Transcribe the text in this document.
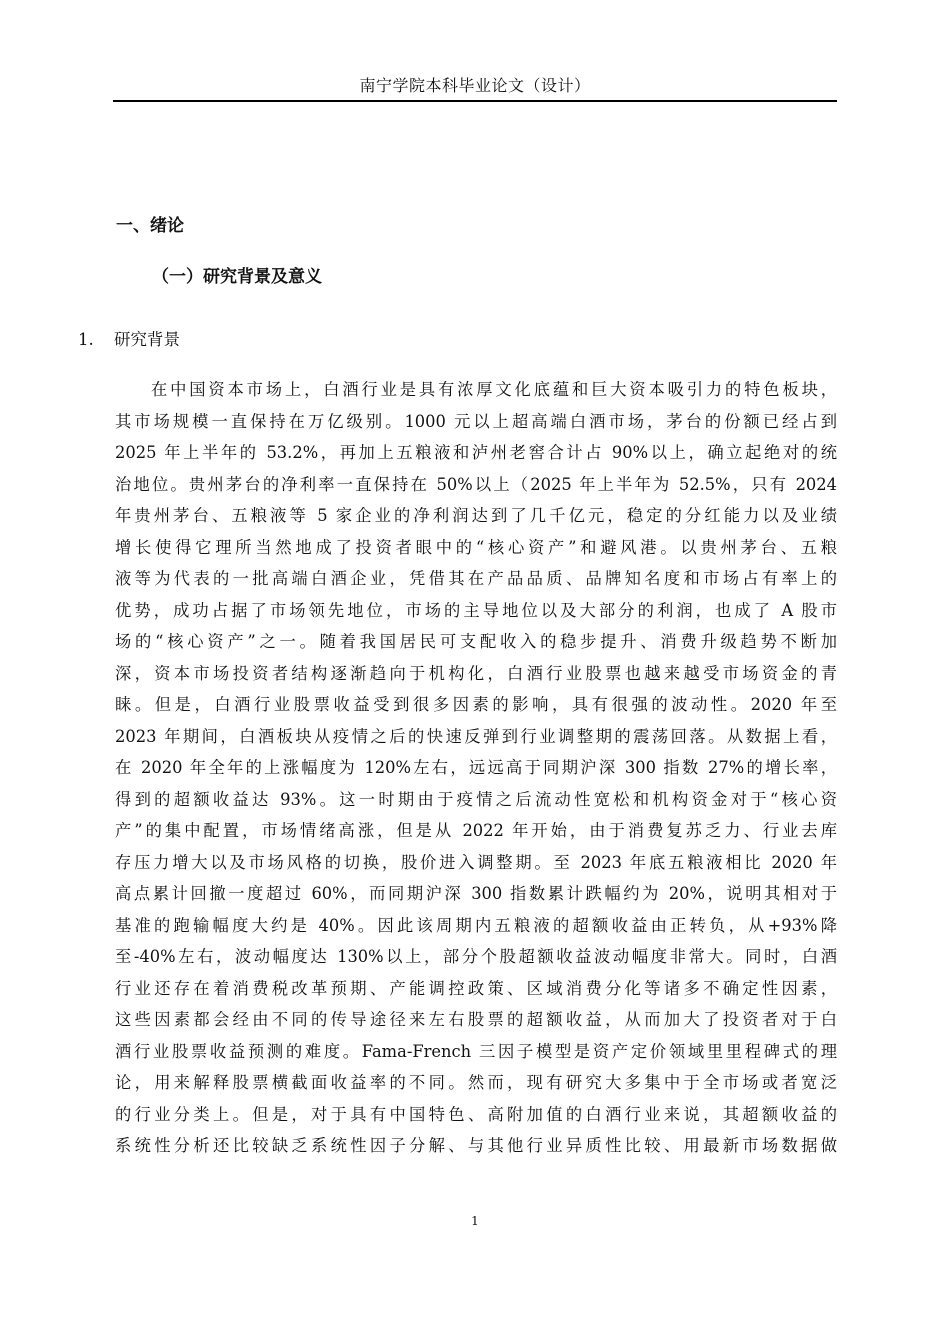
南宁学院本科毕业论文（设计）
一、绪论
（一）研究背景及意义
1. 研究背景
在中国资本市场上，白酒行业是具有浓厚文化底蕴和巨大资本吸引力的特色板块，
其市场规模一直保持在万亿级别。1000 元以上超高端白酒市场，茅台的份额已经占到
2025 年上半年的 53.2%，再加上五粮液和泸州老窖合计占 90%以上，确立起绝对的统
治地位。贵州茅台的净利率一直保持在 50%以上（2025 年上半年为 52.5%，只有 2024
年贵州茅台、五粮液等 5 家企业的净利润达到了几千亿元，稳定的分红能力以及业绩
增长使得它理所当然地成了投资者眼中的“核心资产”和避风港。以贵州茅台、五粮
液等为代表的一批高端白酒企业，凭借其在产品品质、品牌知名度和市场占有率上的
优势，成功占据了市场领先地位，市场的主导地位以及大部分的利润，也成了 A 股市
场的“核心资产”之一。随着我国居民可支配收入的稳步提升、消费升级趋势不断加
深，资本市场投资者结构逐渐趋向于机构化，白酒行业股票也越来越受市场资金的青
睐。但是，白酒行业股票收益受到很多因素的影响，具有很强的波动性。2020 年至
2023 年期间，白酒板块从疫情之后的快速反弹到行业调整期的震荡回落。从数据上看，
在 2020 年全年的上涨幅度为 120%左右，远远高于同期沪深 300 指数 27%的增长率，
得到的超额收益达 93%。这一时期由于疫情之后流动性宽松和机构资金对于“核心资
产”的集中配置，市场情绪高涨，但是从 2022 年开始，由于消费复苏乏力、行业去库
存压力增大以及市场风格的切换，股价进入调整期。至 2023 年底五粮液相比 2020 年
高点累计回撤一度超过 60%，而同期沪深 300 指数累计跌幅约为 20%，说明其相对于
基准的跑输幅度大约是 40%。因此该周期内五粮液的超额收益由正转负，从+93%降
至-40%左右，波动幅度达 130%以上，部分个股超额收益波动幅度非常大。同时，白酒
行业还存在着消费税改革预期、产能调控政策、区域消费分化等诸多不确定性因素，
这些因素都会经由不同的传导途径来左右股票的超额收益，从而加大了投资者对于白
酒行业股票收益预测的难度。Fama-French 三因子模型是资产定价领域里里程碑式的理
论，用来解释股票横截面收益率的不同。然而，现有研究大多集中于全市场或者宽泛
的行业分类上。但是，对于具有中国特色、高附加值的白酒行业来说，其超额收益的
系统性分析还比较缺乏系统性因子分解、与其他行业异质性比较、用最新市场数据做
1
